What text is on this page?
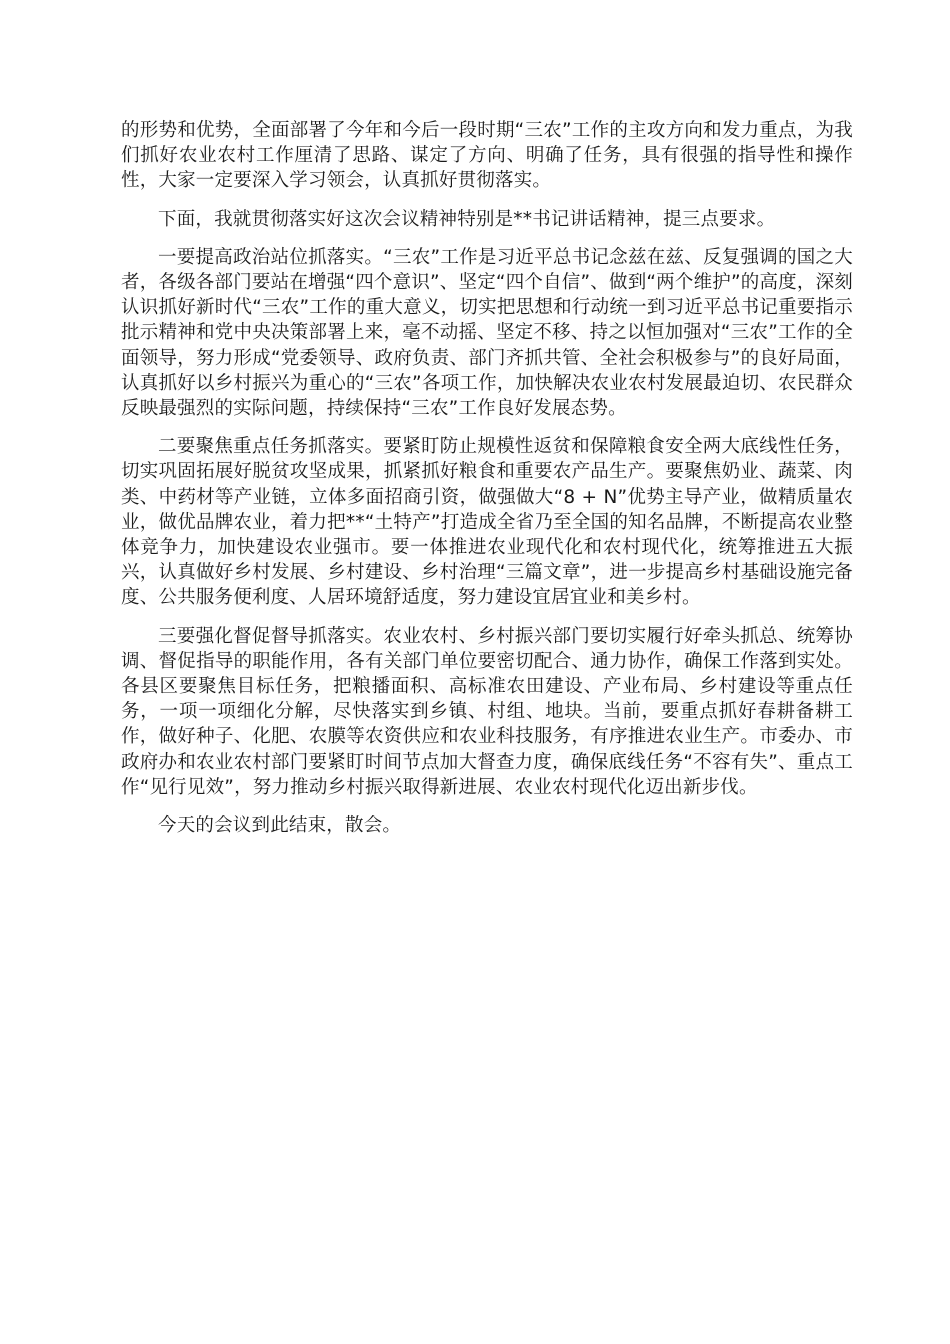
的形势和优势，全面部署了今年和今后一段时期“三农”工作的主攻方向和发力重点，为我们抓好农业农村工作厘清了思路、谋定了方向、明确了任务，具有很强的指导性和操作性，大家一定要深入学习领会，认真抓好贯彻落实。

下面，我就贯彻落实好这次会议精神特别是**书记讲话精神，提三点要求。

一要提高政治站位抓落实。“三农”工作是习近平总书记念兹在兹、反复强调的国之大者，各级各部门要站在增强“四个意识”、坚定“四个自信”、做到“两个维护”的高度，深刻认识抓好新时代“三农”工作的重大意义，切实把思想和行动统一到习近平总书记重要指示批示精神和党中央决策部署上来，毫不动摇、坚定不移、持之以恒加强对“三农”工作的全面领导，努力形成“党委领导、政府负责、部门齐抓共管、全社会积极参与”的良好局面，认真抓好以乡村振兴为重心的“三农”各项工作，加快解决农业农村发展最迫切、农民群众反映最强烈的实际问题，持续保持“三农”工作良好发展态势。

二要聚焦重点任务抓落实。要紧盯防止规模性返贫和保障粮食安全两大底线性任务，切实巩固拓展好脱贫攻坚成果，抓紧抓好粮食和重要农产品生产。要聚焦奶业、蔬菜、肉类、中药材等产业链，立体多面招商引资，做强做大“8 + N”优势主导产业，做精质量农业，做优品牌农业，着力把**“土特产”打造成全省乃至全国的知名品牌，不断提高农业整体竞争力，加快建设农业强市。要一体推进农业现代化和农村现代化，统筹推进五大振兴，认真做好乡村发展、乡村建设、乡村治理“三篇文章”，进一步提高乡村基础设施完备度、公共服务便利度、人居环境舒适度，努力建设宜居宜业和美乡村。

三要强化督促督导抓落实。农业农村、乡村振兴部门要切实履行好牵头抓总、统筹协调、督促指导的职能作用，各有关部门单位要密切配合、通力协作，确保工作落到实处。各县区要聚焦目标任务，把粮播面积、高标准农田建设、产业布局、乡村建设等重点任务，一项一项细化分解，尽快落实到乡镇、村组、地块。当前，要重点抓好春耕备耕工作，做好种子、化肥、农膜等农资供应和农业科技服务，有序推进农业生产。市委办、市政府办和农业农村部门要紧盯时间节点加大督查力度，确保底线任务“不容有失”、重点工作“见行见效”，努力推动乡村振兴取得新进展、农业农村现代化迈出新步伐。

今天的会议到此结束，散会。
